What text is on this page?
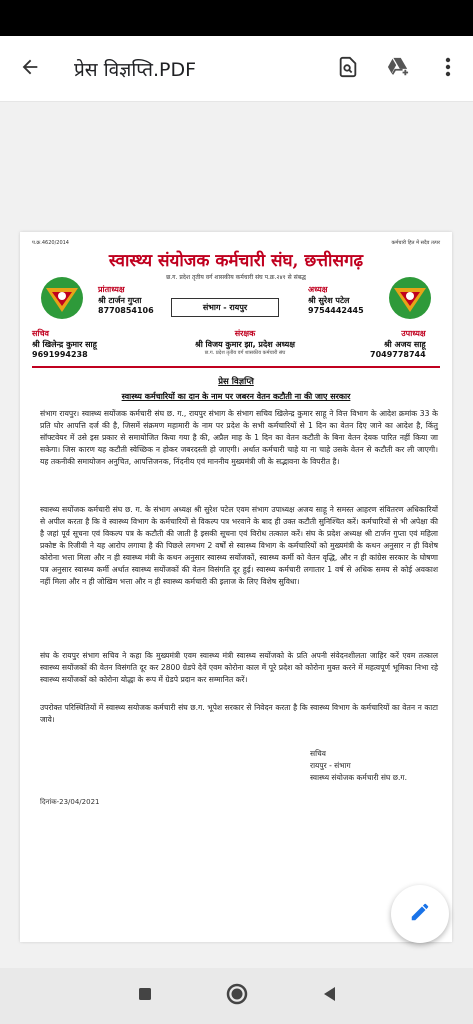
प्रेस विज्ञप्ति.PDF
प.क्र.4620/2014	कर्मचारी हित में सदैव तत्पर
स्वास्थ्य संयोजक कर्मचारी संघ, छत्तीसगढ़
छ.ग. प्रदेश तृतीय वर्ग शासकीय कर्मचारी संघ प.क्र.२४१ से संबद्ध
प्रांताध्यक्ष
श्री टार्जन गुप्ता
8770854106	संभाग - रायपुर
अध्यक्ष
श्री सुरेश पटेल
9754442445
सचिव
श्री खिलेन्द्र कुमार साहू
9691994238
संरक्षक
श्री विजय कुमार झा, प्रदेश अध्यक्ष
छ.ग. प्रदेश तृतीय वर्ग शासकीय कर्मचारी संघ
उपाध्यक्ष
श्री अजय साहू
7049778744
प्रेस विज्ञप्ति
स्वास्थ्य कर्मचारियों का दान के नाम पर जबरन वेतन कटौती ना की जाए सरकार
संभाग रायपुर। स्वास्थ्य सयोंजक कर्मचारी संघ छ. ग., रायपुर संभाग के संभाग सचिव खिलेन्द्र कुमार साहू ने वित्त विभाग के आदेश क्रमांक 33 के प्रति घोर आपत्ति दर्ज की है, जिसमें संक्रमण महामारी के नाम पर प्रदेश के सभी कर्मचारियों से 1 दिन का वेतन दिए जाने का आदेश है, किंतु सॉफ्टवेयर में उसे इस प्रकार से समायोजित किया गया है की, अप्रैल माह के 1 दिन का वेतन कटौती के बिना वेतन देयक पारित नहीं किया जा सकेगा। जिस कारण यह कटौती स्वेच्छिक न होकर जबरदस्ती हो जाएगी। अर्थात कर्मचारी चाहे या ना चाहे उसके वेतन से कटौती कर ली जाएगी। यह तकनीकी समायोजन अनुचित, आपत्तिजनक, निंदनीय एवं माननीय मुख्यमंत्री जी के सद्भावना के विपरीत है।
स्वास्थ्य सयोंजक कर्मचारी संघ छ. ग. के संभाग अध्यक्ष श्री सुरेश पटेल एवम संभाग उपाध्यक्ष अजय साहू ने समस्त आहरण संवितरण अधिकारियों से अपील करता है कि वे स्वास्थ्य विभाग के कर्मचारियों से विकल्प पत्र भरवाने के बाद ही उक्त कटौती सुनिश्चित करें। कर्मचारियों से भी अपेक्षा की है जहां पूर्व सूचना एवं विकल्प पत्र के कटौती की जाती है इसकी सूचना एवं विरोध तत्काल करें। संघ के प्रदेश अध्यक्ष श्री टार्जन गुप्ता एवं महिला प्रकोष्ट के रिजीवी ने यह आरोप लगाया है की पिछले लगभग 2 वर्षों से स्वास्थ्य विभाग के कर्मचारियों को मुख्यमंत्री के कथन अनुसार न ही विशेष कोरोना भत्ता मिला और न ही स्वास्थ्य मंत्री के कथन अनुसार स्वास्थ्य सयोंजकों, स्वास्थ्य कर्मी को वेतन वृद्धि, और न ही कांग्रेस सरकार के घोषणा पत्र अनुसार स्वास्थ्य कर्मी अर्थात स्वास्थ्य सयोंजकों की वेतन विसंगति दूर हुई। स्वास्थ्य कर्मचारी लगातार 1 वर्ष से अधिक समय से कोई अवकाश नहीं मिला और न ही जोखिम भत्ता और न ही स्वास्थ्य कर्मचारी की इलाज के लिए विशेष सुविधा।
संघ के रायपुर संभाग सचिव ने कहा कि मुख्यमंत्री एवम स्वास्थ्य मंत्री स्वास्थ्य सयोंजको के प्रति अपनी संवेदनशीलता जाहिर करें एवम तत्काल स्वास्थ्य सयोंजकों की वेतन विसंगति दूर कर 2800 ग्रेडपे देवें एवम कोरोना काल में पूरे प्रदेश को कोरोना मुक्त करने में महत्वपूर्ण भूमिका निभा रहे स्वास्थ्य सयोंजकों को कोरोना योद्धा के रूप में ग्रेडपे प्रदान कर सम्मानित करें।
उपरोक्त परिस्थितियों में स्वास्थ्य सयोजक कर्मचारी संघ छ.ग. भूपेश सरकार से निवेदन करता है कि स्वास्थ्य विभाग के कर्मचारियों का वेतन न काटा जावे।
सचिव
रायपुर - संभाग
स्वास्थ्य संयोजक कर्मचारी संघ छ.ग.
दिनांक-23/04/2021
